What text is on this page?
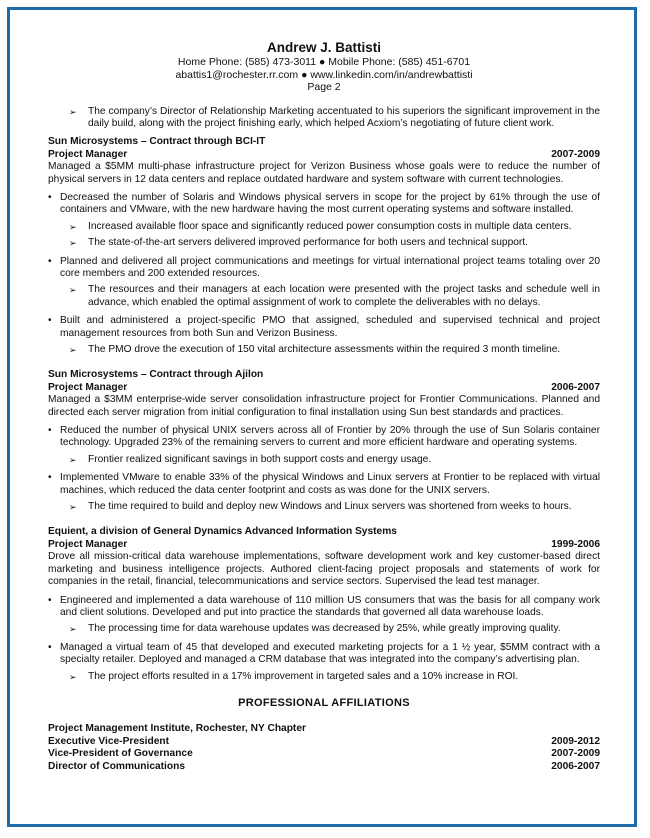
Andrew J. Battisti
Home Phone: (585) 473-3011 ● Mobile Phone: (585) 451-6701
abattis1@rochester.rr.com ● www.linkedin.com/in/andrewbattisti
Page 2
➢ The company’s Director of Relationship Marketing accentuated to his superiors the significant improvement in the daily build, along with the project finishing early, which helped Acxiom’s negotiating of future client work.
Sun Microsystems – Contract through BCI-IT
Project Manager	2007-2009
Managed a $5MM multi-phase infrastructure project for Verizon Business whose goals were to reduce the number of physical servers in 12 data centers and replace outdated hardware and system software with current technologies.
• Decreased the number of Solaris and Windows physical servers in scope for the project by 61% through the use of containers and VMware, with the new hardware having the most current operating systems and software installed.
➢ Increased available floor space and significantly reduced power consumption costs in multiple data centers.
➢ The state-of-the-art servers delivered improved performance for both users and technical support.
• Planned and delivered all project communications and meetings for virtual international project teams totaling over 20 core members and 200 extended resources.
➢ The resources and their managers at each location were presented with the project tasks and schedule well in advance, which enabled the optimal assignment of work to complete the deliverables with no delays.
• Built and administered a project-specific PMO that assigned, scheduled and supervised technical and project management resources from both Sun and Verizon Business.
➢ The PMO drove the execution of 150 vital architecture assessments within the required 3 month timeline.
Sun Microsystems – Contract through Ajilon
Project Manager	2006-2007
Managed a $3MM enterprise-wide server consolidation infrastructure project for Frontier Communications. Planned and directed each server migration from initial configuration to final installation using Sun best standards and practices.
• Reduced the number of physical UNIX servers across all of Frontier by 20% through the use of Sun Solaris container technology. Upgraded 23% of the remaining servers to current and more efficient hardware and operating systems.
➢ Frontier realized significant savings in both support costs and energy usage.
• Implemented VMware to enable 33% of the physical Windows and Linux servers at Frontier to be replaced with virtual machines, which reduced the data center footprint and costs as was done for the UNIX servers.
➢ The time required to build and deploy new Windows and Linux servers was shortened from weeks to hours.
Equient, a division of General Dynamics Advanced Information Systems
Project Manager	1999-2006
Drove all mission-critical data warehouse implementations, software development work and key customer-based direct marketing and business intelligence projects. Authored client-facing project proposals and statements of work for companies in the retail, financial, telecommunications and service sectors. Supervised the lead test manager.
• Engineered and implemented a data warehouse of 110 million US consumers that was the basis for all company work and client solutions. Developed and put into practice the standards that governed all data warehouse loads.
➢ The processing time for data warehouse updates was decreased by 25%, while greatly improving quality.
• Managed a virtual team of 45 that developed and executed marketing projects for a 1 ½ year, $5MM contract with a specialty retailer. Deployed and managed a CRM database that was integrated into the company’s advertising plan.
➢ The project efforts resulted in a 17% improvement in targeted sales and a 10% increase in ROI.
PROFESSIONAL AFFILIATIONS
Project Management Institute, Rochester, NY Chapter
Executive Vice-President	2009-2012
Vice-President of Governance	2007-2009
Director of Communications	2006-2007
